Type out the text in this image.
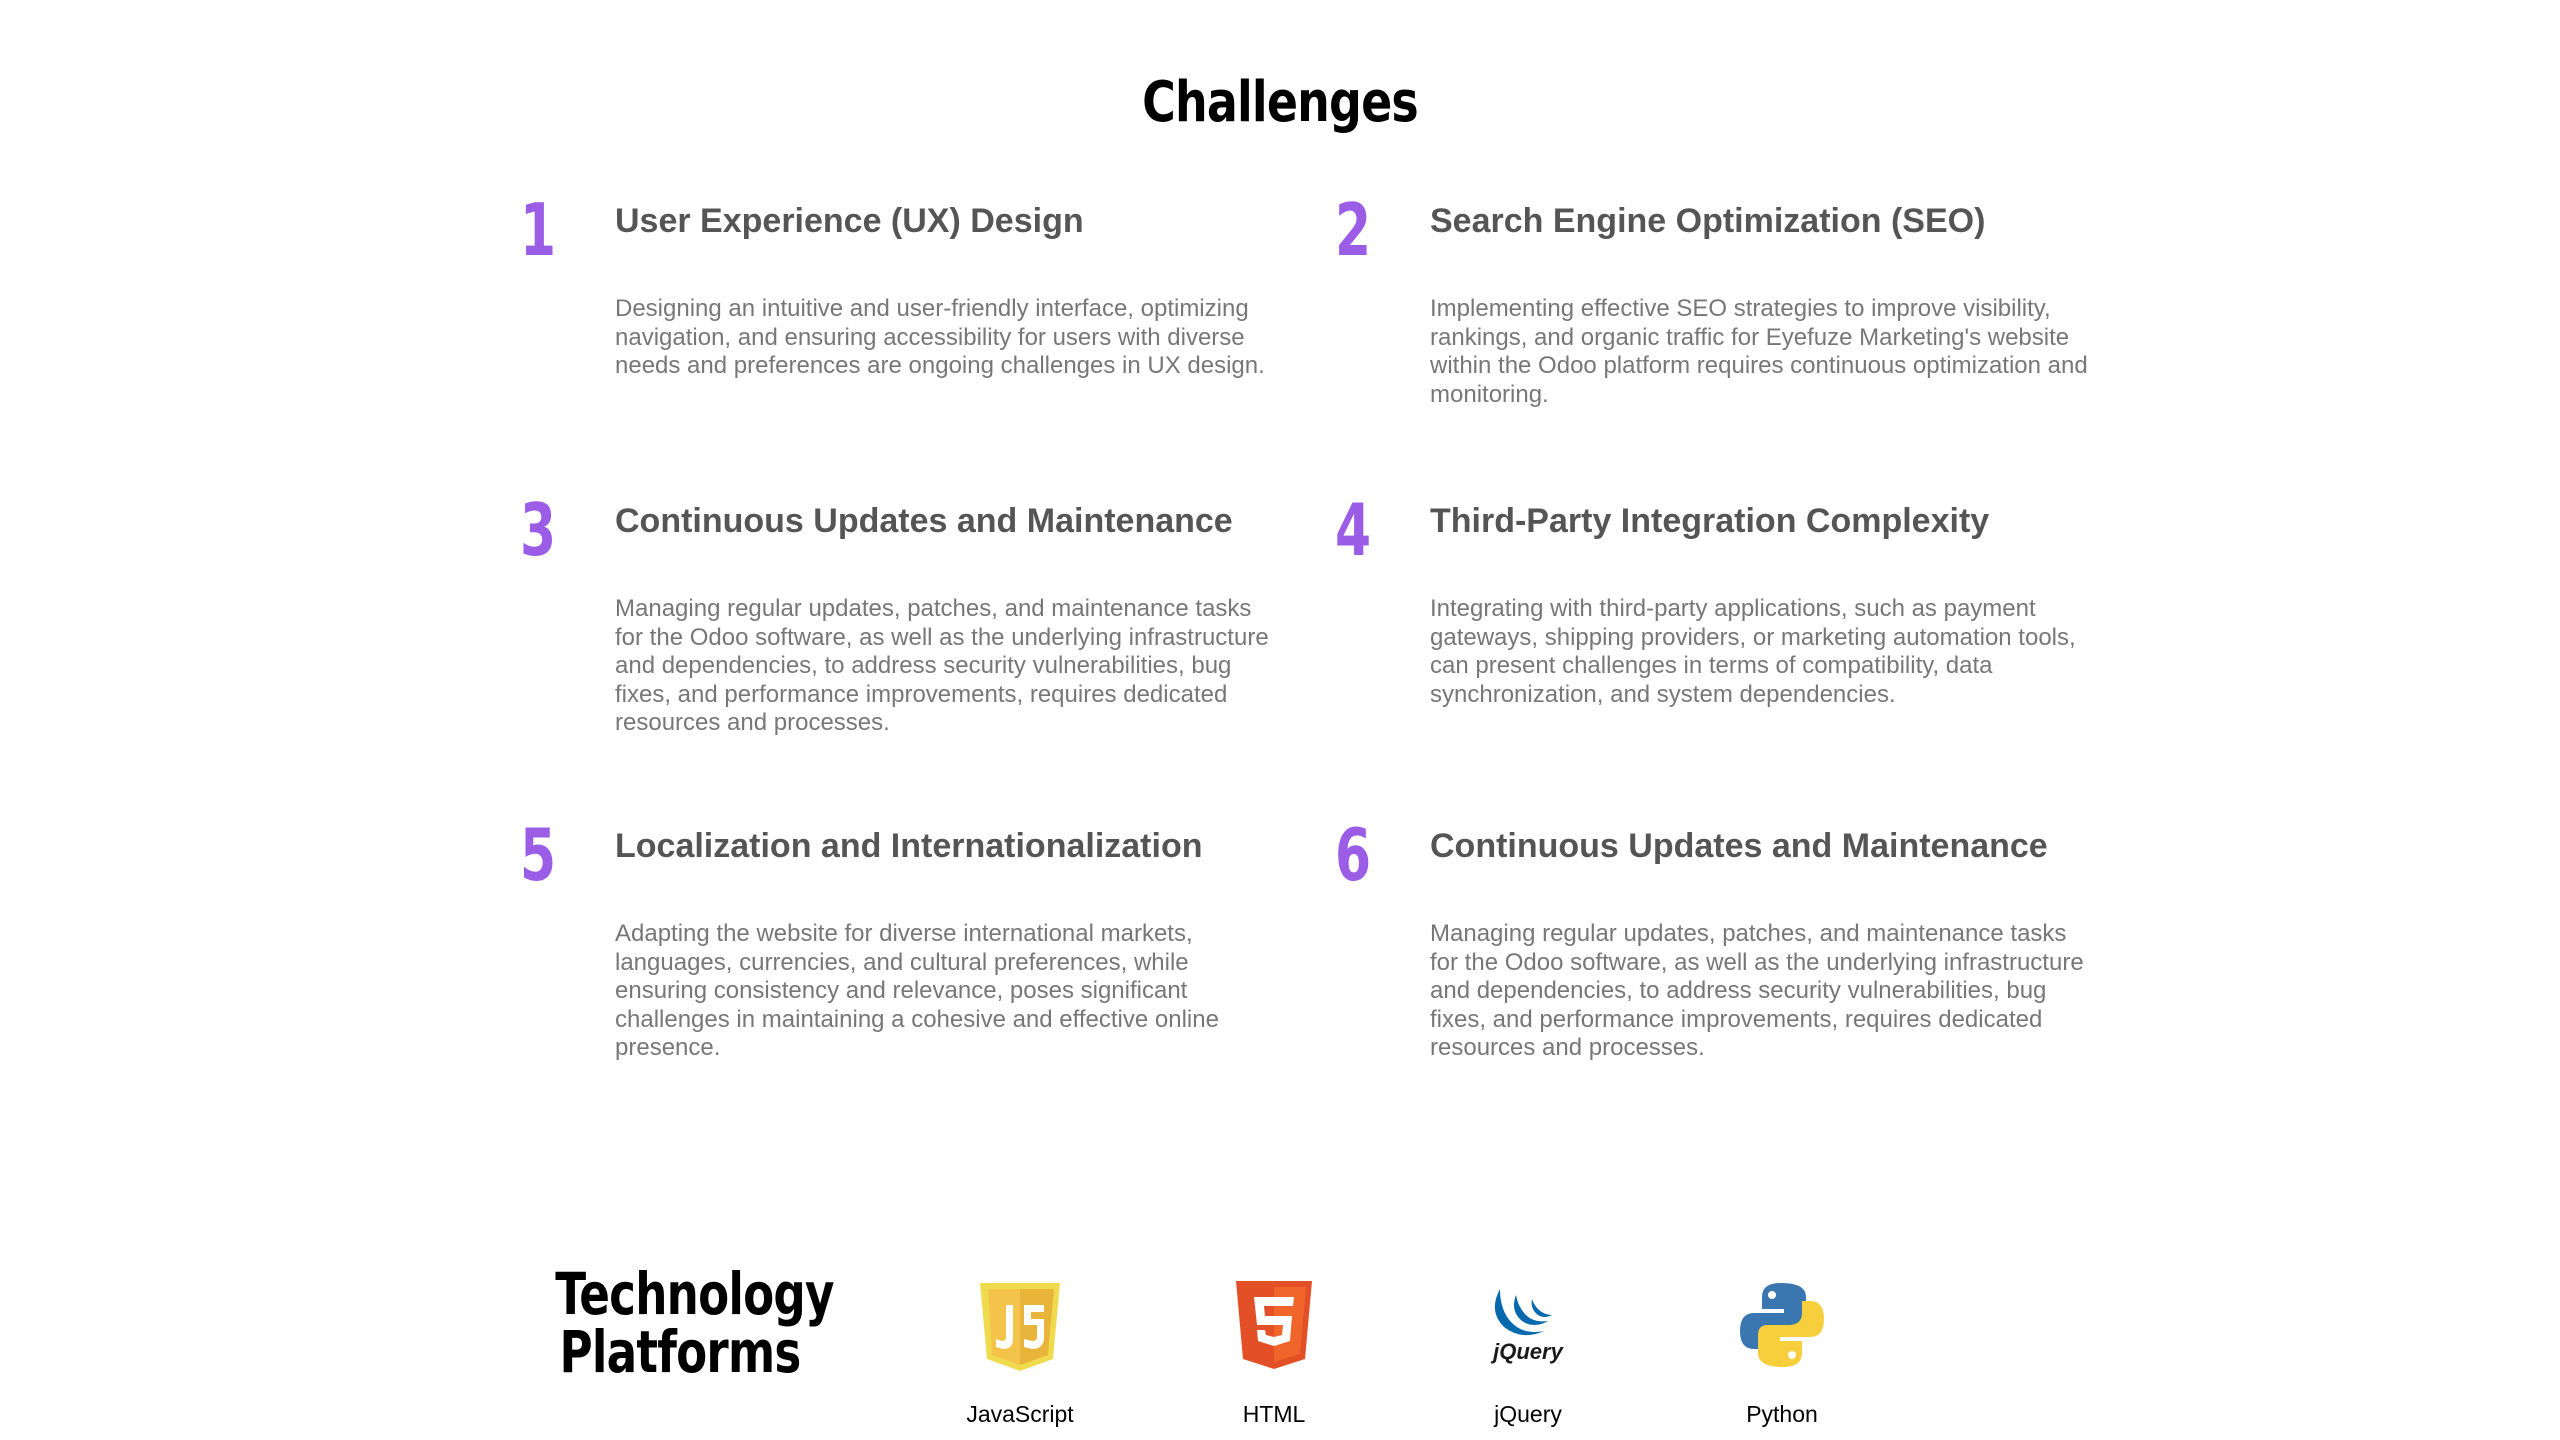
Challenges
1 User Experience (UX) Design
Designing an intuitive and user-friendly interface, optimizing navigation, and ensuring accessibility for users with diverse needs and preferences are ongoing challenges in UX design.
2 Search Engine Optimization (SEO)
Implementing effective SEO strategies to improve visibility, rankings, and organic traffic for Eyefuze Marketing's website within the Odoo platform requires continuous optimization and monitoring.
3 Continuous Updates and Maintenance
Managing regular updates, patches, and maintenance tasks for the Odoo software, as well as the underlying infrastructure and dependencies, to address security vulnerabilities, bug fixes, and performance improvements, requires dedicated resources and processes.
4 Third-Party Integration Complexity
Integrating with third-party applications, such as payment gateways, shipping providers, or marketing automation tools, can present challenges in terms of compatibility, data synchronization, and system dependencies.
5 Localization and Internationalization
Adapting the website for diverse international markets, languages, currencies, and cultural preferences, while ensuring consistency and relevance, poses significant challenges in maintaining a cohesive and effective online presence.
6 Continuous Updates and Maintenance
Managing regular updates, patches, and maintenance tasks for the Odoo software, as well as the underlying infrastructure and dependencies, to address security vulnerabilities, bug fixes, and performance improvements, requires dedicated resources and processes.
Technology
Platforms
JavaScript	HTML
jQuery
jQuery	Python
